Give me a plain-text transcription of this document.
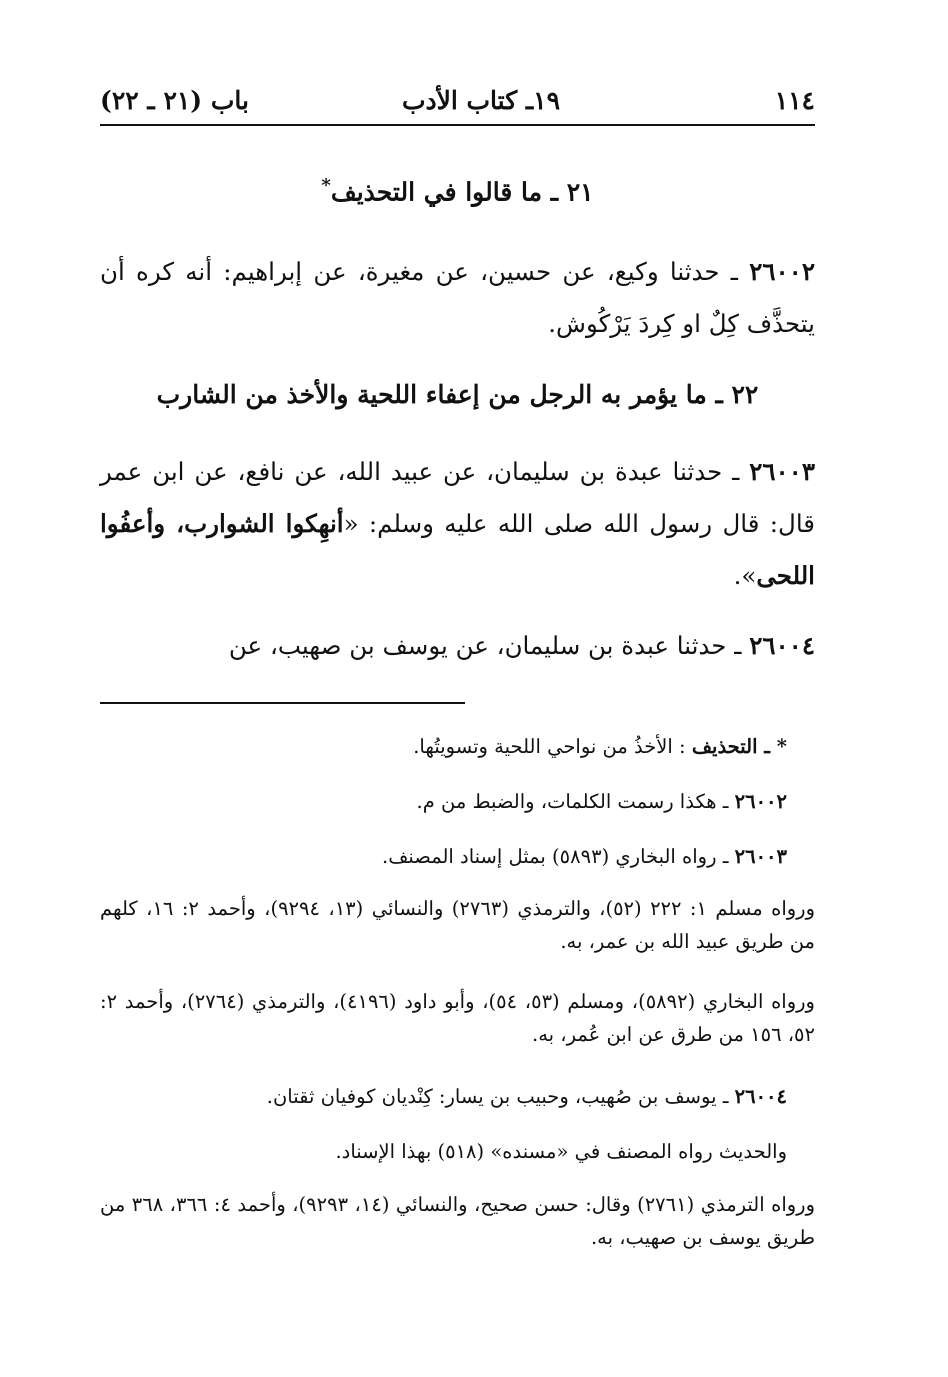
١١٤
١٩ـ كتاب الأدب
باب (٢١ ـ ٢٢)
٢١ ـ ما قالوا في التحذيف*
٢٦٠٠٢ ـ حدثنا وكيع، عن حسين، عن مغيرة، عن إبراهيم: أنه كره أن يتحذَّف كِلٌ او كِردَ يَرْكُوش.
٢٢ ـ ما يؤمر به الرجل من إعفاء اللحية والأخذ من الشارب
٢٦٠٠٣ ـ حدثنا عبدة بن سليمان، عن عبيد الله، عن نافع، عن ابن عمر قال: قال رسول الله صلى الله عليه وسلم: «أنهِكوا الشوارب، وأعفُوا اللحى».
٢٦٠٠٤ ـ حدثنا عبدة بن سليمان، عن يوسف بن صهيب، عن
* ـ التحذيف : الأخذُ من نواحي اللحية وتسويتُها.
٢٦٠٠٢ ـ هكذا رسمت الكلمات، والضبط من م.
٢٦٠٠٣ ـ رواه البخاري (٥٨٩٣) بمثل إسناد المصنف.
ورواه مسلم ١: ٢٢٢ (٥٢)، والترمذي (٢٧٦٣) والنسائي (١٣، ٩٢٩٤)، وأحمد ٢: ١٦، كلهم من طريق عبيد الله بن عمر، به.
ورواه البخاري (٥٨٩٢)، ومسلم (٥٣، ٥٤)، وأبو داود (٤١٩٦)، والترمذي (٢٧٦٤)، وأحمد ٢: ٥٢، ١٥٦ من طرق عن ابن عُمر، به.
٢٦٠٠٤ ـ يوسف بن صُهيب، وحبيب بن يسار: كِنْديان كوفيان ثقتان.
والحديث رواه المصنف في «مسنده» (٥١٨) بهذا الإسناد.
ورواه الترمذي (٢٧٦١) وقال: حسن صحيح، والنسائي (١٤، ٩٢٩٣)، وأحمد ٤: ٣٦٦، ٣٦٨ من طريق يوسف بن صهيب، به.
